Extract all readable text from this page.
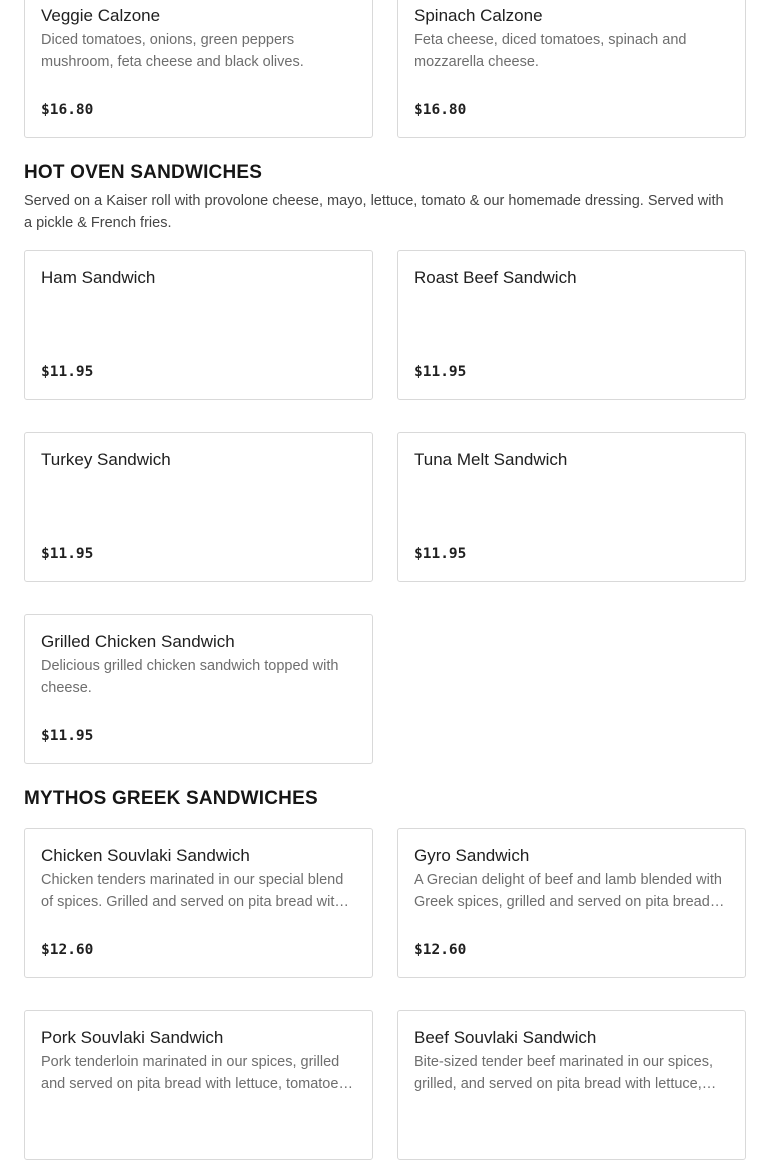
Veggie Calzone
Diced tomatoes, onions, green peppers mushroom, feta cheese and black olives.
$16.80
Spinach Calzone
Feta cheese, diced tomatoes, spinach and mozzarella cheese.
$16.80
HOT OVEN SANDWICHES

Served on a Kaiser roll with provolone cheese, mayo, lettuce, tomato & our homemade dressing. Served with a pickle & French fries.

Ham Sandwich
$11.95
Roast Beef Sandwich
$11.95
Turkey Sandwich
$11.95
Tuna Melt Sandwich
$11.95
Grilled Chicken Sandwich
Delicious grilled chicken sandwich topped with cheese.
$11.95
MYTHOS GREEK SANDWICHES
Chicken Souvlaki Sandwich
Chicken tenders marinated in our special blend of spices. Grilled and served on pita bread with
$12.60
Gyro Sandwich
A Grecian delight of beef and lamb blended with Greek spices, grilled and served on pita bread
$12.60
Pork Souvlaki Sandwich
Pork tenderloin marinated in our spices, grilled and served on pita bread with lettuce, tomatoes,
Beef Souvlaki Sandwich
Bite-sized tender beef marinated in our spices, grilled, and served on pita bread with lettuce,
